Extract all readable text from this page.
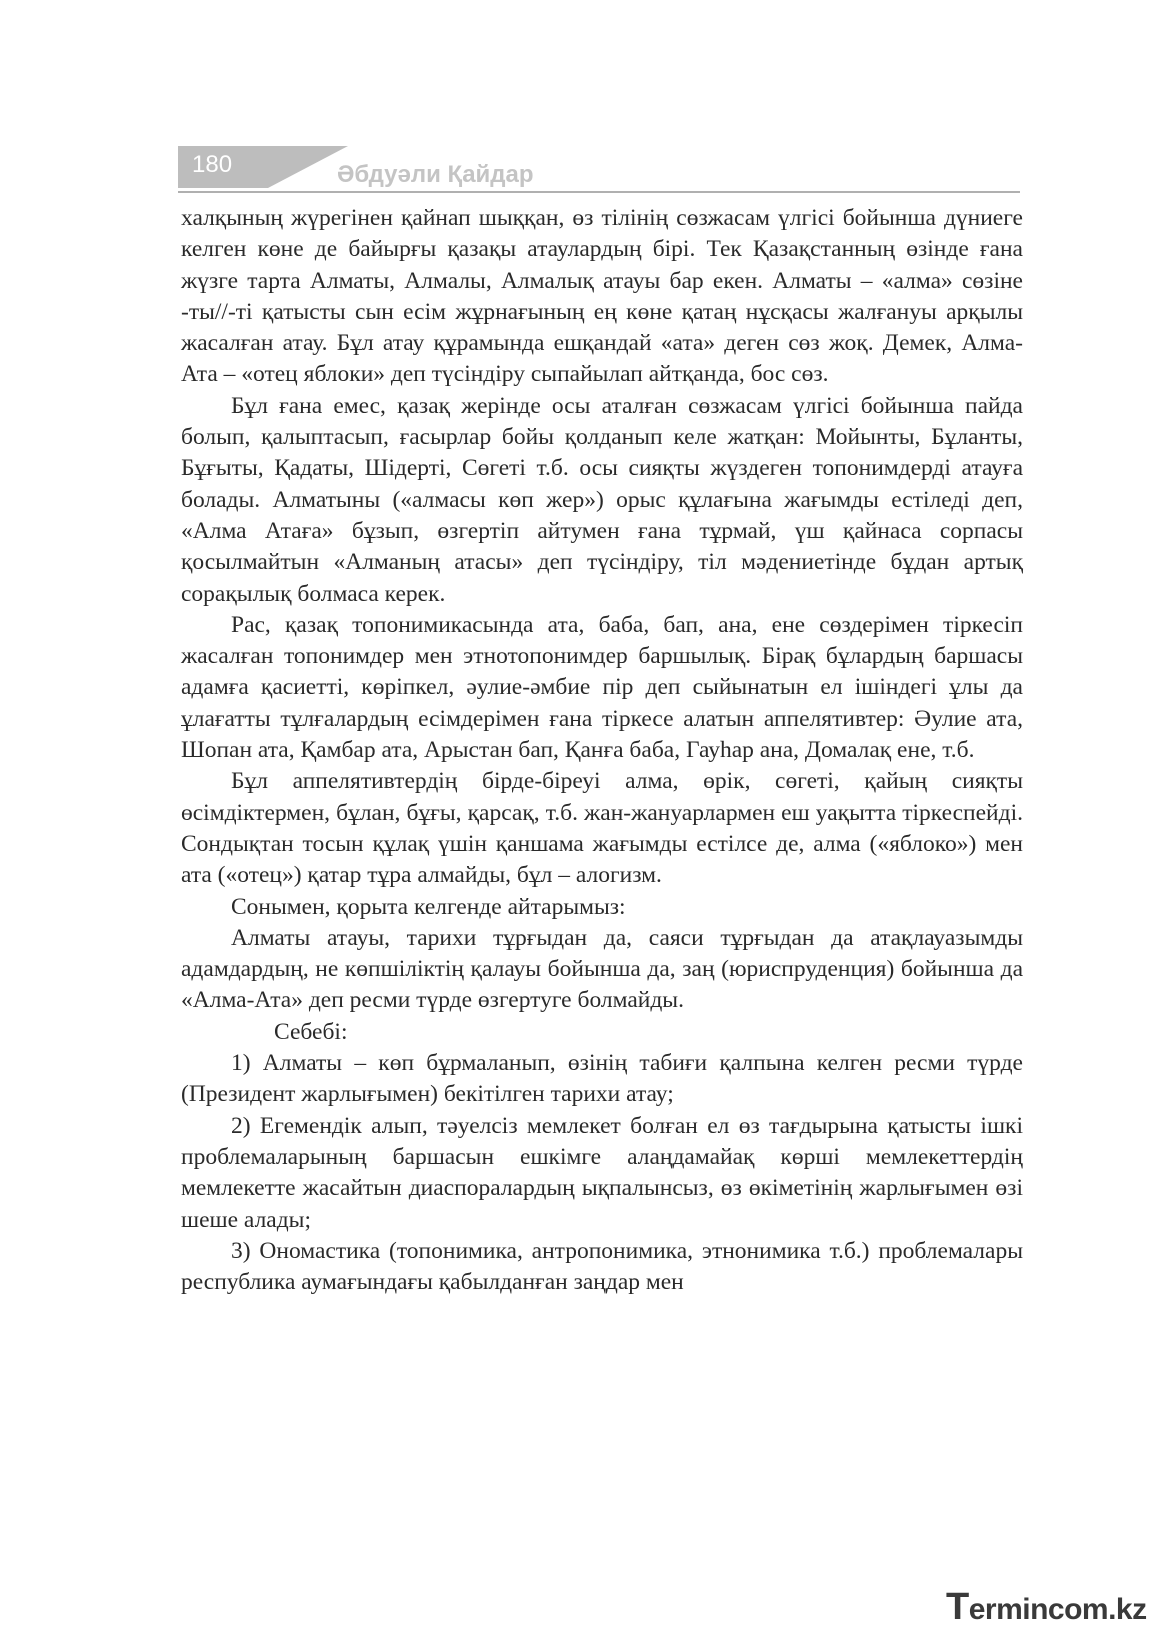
180	Әбдуәли Қайдар

халқының жүрегінен қайнап шыққан, өз тілінің сөзжасам үлгісі бойынша дүниеге келген көне де байырғы қазақы атаулардың бірі. Тек Қазақстанның өзінде ғана жүзге тарта Алматы, Алмалы, Алмалық атауы бар екен. Алматы – «алма» сөзіне -ты//-ті қатысты сын есім жұрнағының ең көне қатаң нұсқасы жалғануы арқылы жасалған атау. Бұл атау құрамында ешқандай «ата» деген сөз жоқ. Демек, Алма-Ата – «отец яблоки» деп түсіндіру сыпайылап айтқанда, бос сөз.

Бұл ғана емес, қазақ жерінде осы аталған сөзжасам үлгісі бойынша пайда болып, қалыптасып, ғасырлар бойы қолданып келе жатқан: Мойынты, Бұланты, Бұғыты, Қадаты, Шідерті, Сөгеті т.б. осы сияқты жүздеген топонимдерді атауға болады. Алматыны («алмасы көп жер») орыс құлағына жағымды естіледі деп, «Алма Атаға» бұзып, өзгертіп айтумен ғана тұрмай, үш қайнаса сорпасы қосылмайтын «Алманың атасы» деп түсіндіру, тіл мәдениетінде бұдан артық сорақылық болмаса керек.

Рас, қазақ топонимикасында ата, баба, бап, ана, ене сөздерімен тіркесіп жасалған топонимдер мен этнотопонимдер баршылық. Бірақ бұлардың баршасы адамға қасиетті, көріпкел, әулие-әмбие пір деп сыйынатын ел ішіндегі ұлы да ұлағатты тұлғалардың есімдерімен ғана тіркесе алатын аппелятивтер: Әулие ата, Шопан ата, Қамбар ата, Арыстан бап, Қанға баба, Гауһар ана, Домалақ ене, т.б.

Бұл аппелятивтердің бірде-біреуі алма, өрік, сөгеті, қайың сияқты өсімдіктермен, бұлан, бұғы, қарсақ, т.б. жан-жануарлармен еш уақытта тіркеспейді. Сондықтан тосын құлақ үшін қаншама жағымды естілсе де, алма («яблоко») мен ата («отец») қатар тұра алмайды, бұл – алогизм.

Сонымен, қорыта келгенде айтарымыз:

Алматы атауы, тарихи тұрғыдан да, саяси тұрғыдан да атақлауазымды адамдардың, не көпшіліктің қалауы бойынша да, заң (юриспруденция) бойынша да «Алма-Ата» деп ресми түрде өзгертуге болмайды.

Себебі:

1) Алматы – көп бұрмаланып, өзінің табиғи қалпына келген ресми түрде (Президент жарлығымен) бекітілген тарихи атау;

2) Егемендік алып, тәуелсіз мемлекет болған ел өз тағдырына қатысты ішкі проблемаларының баршасын ешкімге алаңдамайақ көрші мемлекеттердің мемлекетте жасайтын диаспоралардың ықпалынсыз, өз өкіметінің жарлығымен өзі шеше алады;

3) Ономастика (топонимика, антропонимика, этнонимика т.б.) проблемалары республика аумағындағы қабылданған заңдар мен

Termincom.kz
